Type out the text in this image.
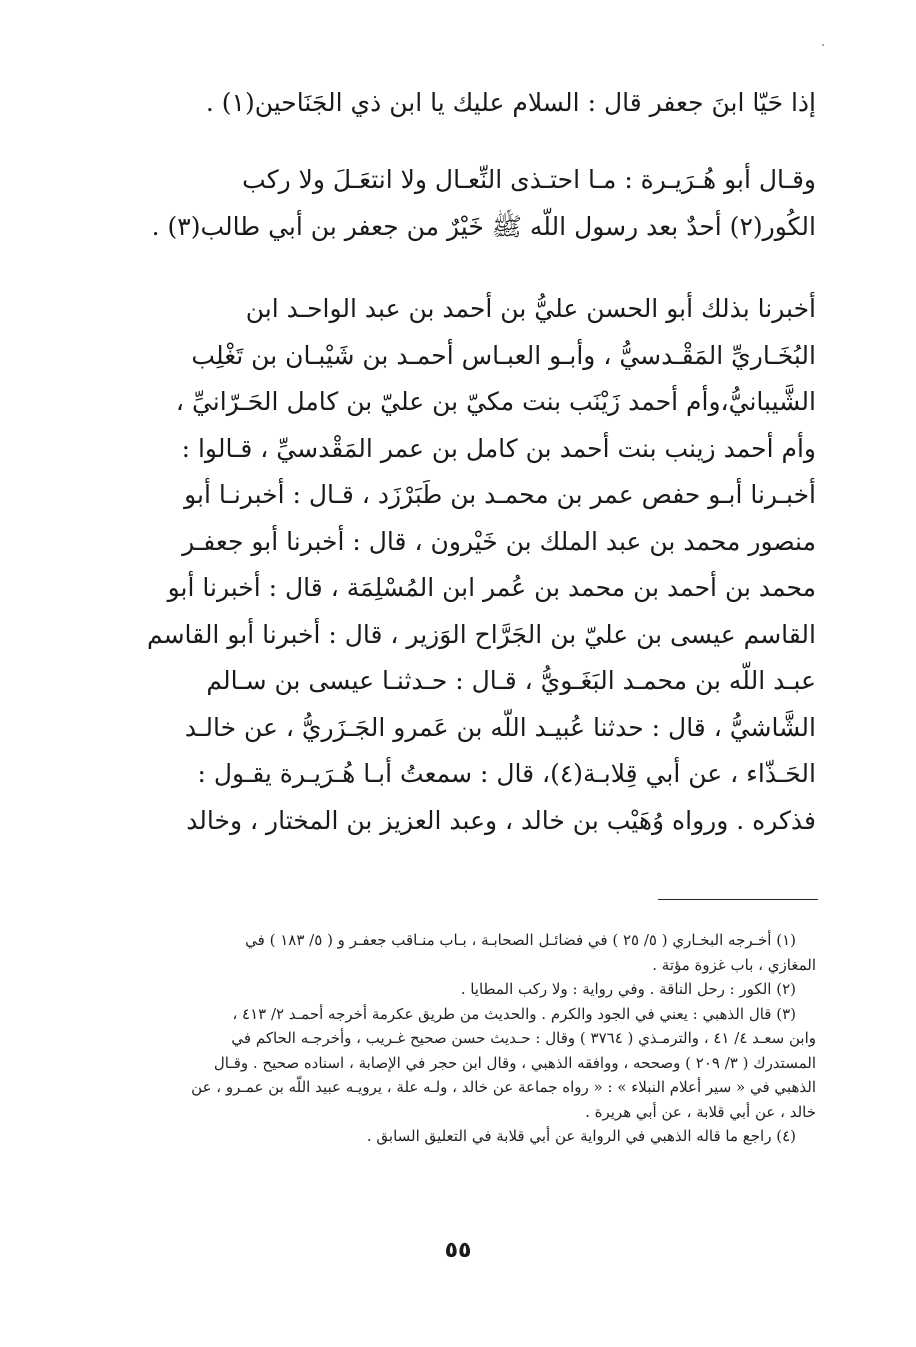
إذا حَيّا ابنَ جعفر قال : السلام عليك يا ابن ذي الجَنَاحين(١) .
وقـال أبو هُـرَيـرة : مـا احتـذى النِّعـال ولا انتعَـلَ ولا ركب
الكُور(٢) أحدٌ بعد رسول اللّه ﷺ خَيْرٌ من جعفر بن أبي طالب(٣) .
أخبرنا بذلك أبو الحسن عليُّ بن أحمد بن عبد الواحـد ابن
البُخَـاريِّ المَقْـدسيُّ ، وأبـو العبـاس أحمـد بن شَيْبـان بن تَغْلِب
الشَّيبانيُّ،وأم أحمد زَيْنَب بنت مكيّ بن عليّ بن كامل الحَـرّانيِّ ،
وأم أحمد زينب بنت أحمد بن كامل بن عمر المَقْدسيِّ ، قـالوا :
أخبـرنا أبـو حفص عمر بن محمـد بن طَبَرْزَد ، قـال : أخبرنـا أبو
منصور محمد بن عبد الملك بن خَيْرون ، قال : أخبرنا أبو جعفـر
محمد بن أحمد بن محمد بن عُمر ابن المُسْلِمَة ، قال : أخبرنا أبو
القاسم عيسى بن عليّ بن الجَرَّاح الوَزير ، قال : أخبرنا أبو القاسم
عبـد اللّه بن محمـد البَغَـويُّ ، قـال : حـدثنـا عيسى بن سـالم
الشَّاشيُّ ، قال : حدثنا عُبيـد اللّه بن عَمرو الجَـزَريُّ ، عن خالـد
الحَـذّاء ، عن أبي قِلابـة(٤)، قال : سمعتُ أبـا هُـرَيـرة يقـول :
فذكره . ورواه وُهَيْب بن خالد ، وعبد العزيز بن المختار ، وخالد
(١) أخـرجه البخـاري ( ٥/ ٢٥ ) في فضائـل الصحابـة ، بـاب منـاقب جعفـر و ( ٥/ ١٨٣ ) في
المغازي ، باب غزوة مؤتة .
(٢) الكور : رحل الناقة . وفي رواية : ولا ركب المطايا .
(٣) قال الذهبي : يعني في الجود والكرم . والحديث من طريق عكرمة أخرجه أحمـد ٢/ ٤١٣ ،
وابن سعـد ٤/ ٤١ ، والترمـذي ( ٣٧٦٤ ) وقال : حـديث حسن صحيح غـريب ، وأخرجـه الحاكم في
المستدرك ( ٣/ ٢٠٩ ) وصححه ، ووافقه الذهبي ، وقال ابن حجر في الإصابة ، اسناده صحيح . وقـال
الذهبي في « سير أعلام النبلاء » : « رواه جماعة عن خالد ، ولـه علة ، يرويـه عبيد اللّه بن عمـرو ، عن
خالد ، عن أبي قلابة ، عن أبي هريرة .
(٤) راجع ما قاله الذهبي في الرواية عن أبي قلابة في التعليق السابق .
٥٥
